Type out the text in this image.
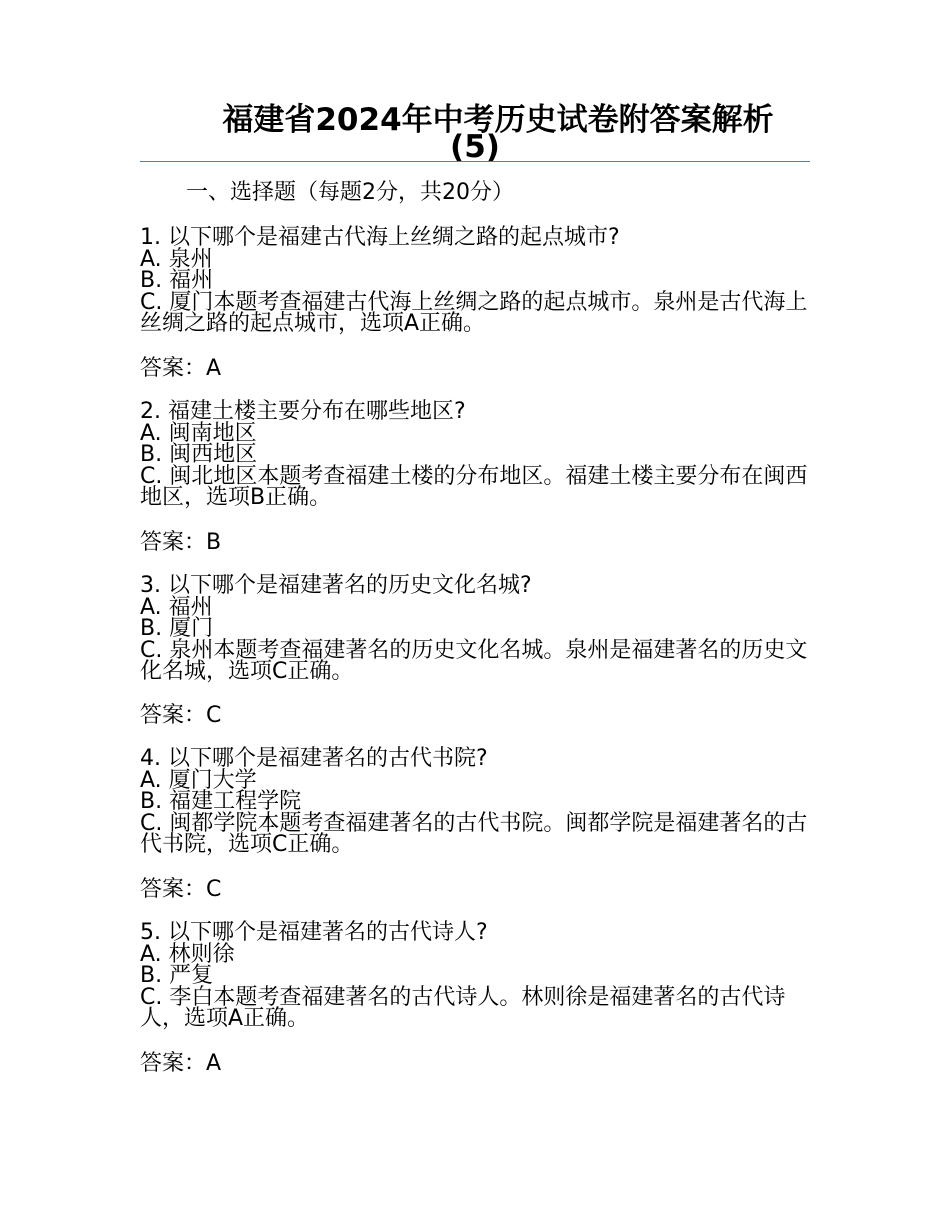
福建省2024年中考历史试卷附答案解析
(5)
一、选择题（每题2分，共20分）
1. 以下哪个是福建古代海上丝绸之路的起点城市?
A. 泉州
B. 福州
C. 厦门本题考查福建古代海上丝绸之路的起点城市。泉州是古代海上丝绸之路的起点城市，选项A正确。
答案：A
2. 福建土楼主要分布在哪些地区?
A. 闽南地区
B. 闽西地区
C. 闽北地区本题考查福建土楼的分布地区。福建土楼主要分布在闽西地区，选项B正确。
答案：B
3. 以下哪个是福建著名的历史文化名城?
A. 福州
B. 厦门
C. 泉州本题考查福建著名的历史文化名城。泉州是福建著名的历史文化名城，选项C正确。
答案：C
4. 以下哪个是福建著名的古代书院?
A. 厦门大学
B. 福建工程学院
C. 闽都学院本题考查福建著名的古代书院。闽都学院是福建著名的古代书院，选项C正确。
答案：C
5. 以下哪个是福建著名的古代诗人?
A. 林则徐
B. 严复
C. 李白本题考查福建著名的古代诗人。林则徐是福建著名的古代诗人，选项A正确。
答案：A
